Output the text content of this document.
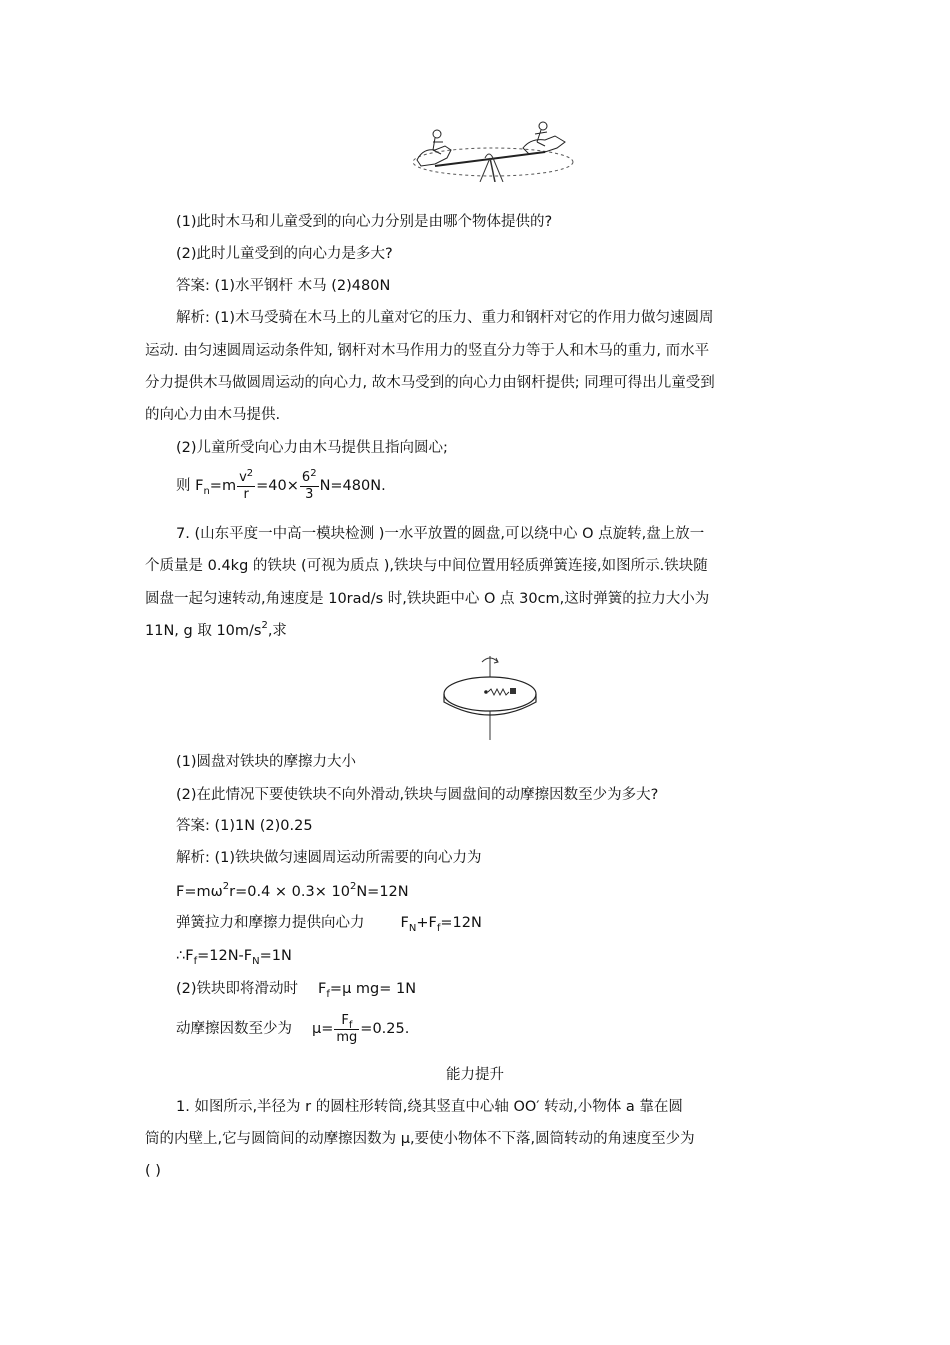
(1)此时木马和儿童受到的向心力分别是由哪个物体提供的?
(2)此时儿童受到的向心力是多大?
答案: (1)水平钢杆 木马 (2)480N
解析: (1)木马受骑在木马上的儿童对它的压力、重力和钢杆对它的作用力做匀速圆周
运动. 由匀速圆周运动条件知, 钢杆对木马作用力的竖直分力等于人和木马的重力, 而水平
分力提供木马做圆周运动的向心力, 故木马受到的向心力由钢杆提供; 同理可得出儿童受到
的向心力由木马提供.
(2)儿童所受向心力由木马提供且指向圆心;
则 $F_n=m \frac{v^2}{r} =40\times \frac{6^2}{3} N=480N$.
7. (山东平度一中高一模块检测 )一水平放置的圆盘,可以绕中心 O 点旋转,盘上放一
个质量是 0.4kg 的铁块 (可视为质点 ),铁块与中间位置用轻质弹簧连接,如图所示.铁块随
圆盘一起匀速转动,角速度是 10rad/s 时,铁块距中心 O 点 30cm,这时弹簧的拉力大小为
11N, g 取 $10m/s^2$,求
(1)圆盘对铁块的摩擦力大小
(2)在此情况下要使铁块不向外滑动,铁块与圆盘间的动摩擦因数至少为多大?
答案: (1)1N (2)0.25
解析: (1)铁块做匀速圆周运动所需要的向心力为
$F=m\omega^2r=0.4 \times 0.3\times 10^2N=12N$
弹簧拉力和摩擦力提供向心力 $F_N+F_f=12N$
$\therefore F_f=12N-F_N=1N$
(2)铁块即将滑动时 $F_f=\mu$ mg= 1N
动摩擦因数至少为 $\mu= \frac{F_f}{mg} =0.25$.
能力提升
1. 如图所示,半径为 r 的圆柱形转筒,绕其竖直中心轴 OO′ 转动,小物体 a 靠在圆
筒的内壁上,它与圆筒间的动摩擦因数为 μ,要使小物体不下落,圆筒转动的角速度至少为
( )
